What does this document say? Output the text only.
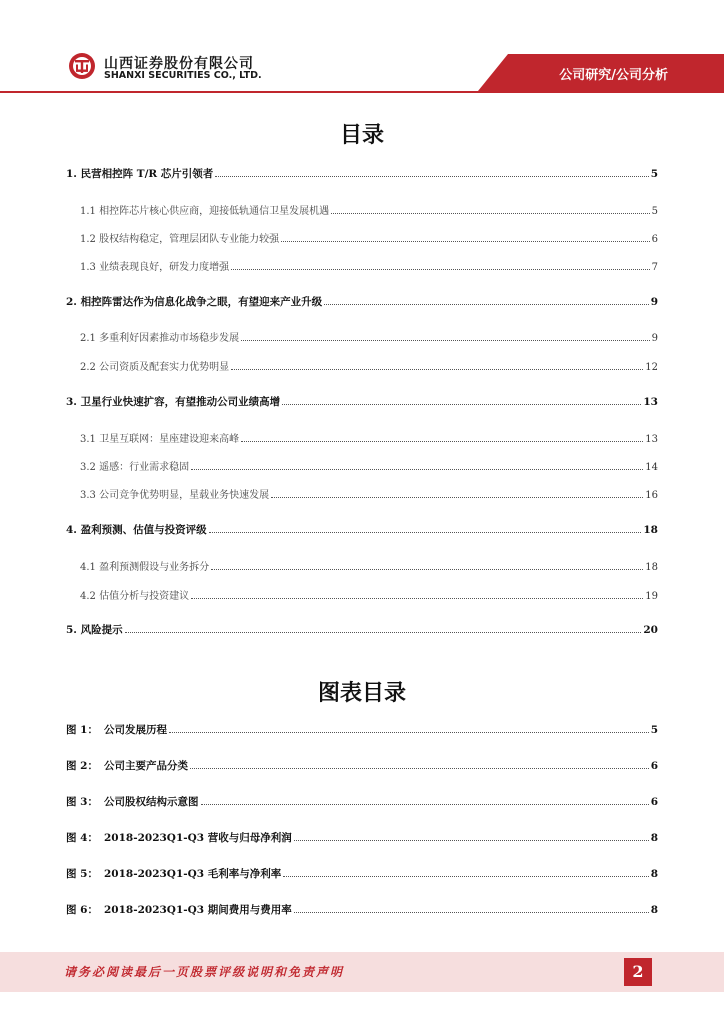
山西证券股份有限公司
SHANXI SECURITIES CO., LTD.	公司研究/公司分析
目录
1. 民营相控阵 T/R 芯片引领者	5
1.1 相控阵芯片核心供应商，迎接低轨通信卫星发展机遇	5
1.2 股权结构稳定，管理层团队专业能力较强	6
1.3 业绩表现良好，研发力度增强	7
2. 相控阵雷达作为信息化战争之眼，有望迎来产业升级	9
2.1 多重利好因素推动市场稳步发展	9
2.2 公司资质及配套实力优势明显	12
3. 卫星行业快速扩容，有望推动公司业绩高增	13
3.1 卫星互联网：星座建设迎来高峰	13
3.2 遥感：行业需求稳固	14
3.3 公司竞争优势明显，星载业务快速发展	16
4. 盈利预测、估值与投资评级	18
4.1 盈利预测假设与业务拆分	18
4.2 估值分析与投资建议	19
5. 风险提示	20
图表目录
图 1： 公司发展历程	5
图 2： 公司主要产品分类	6
图 3： 公司股权结构示意图	6
图 4： 2018-2023Q1-Q3 营收与归母净利润	8
图 5： 2018-2023Q1-Q3 毛利率与净利率	8
图 6： 2018-2023Q1-Q3 期间费用与费用率	8
请务必阅读最后一页股票评级说明和免责声明	2
